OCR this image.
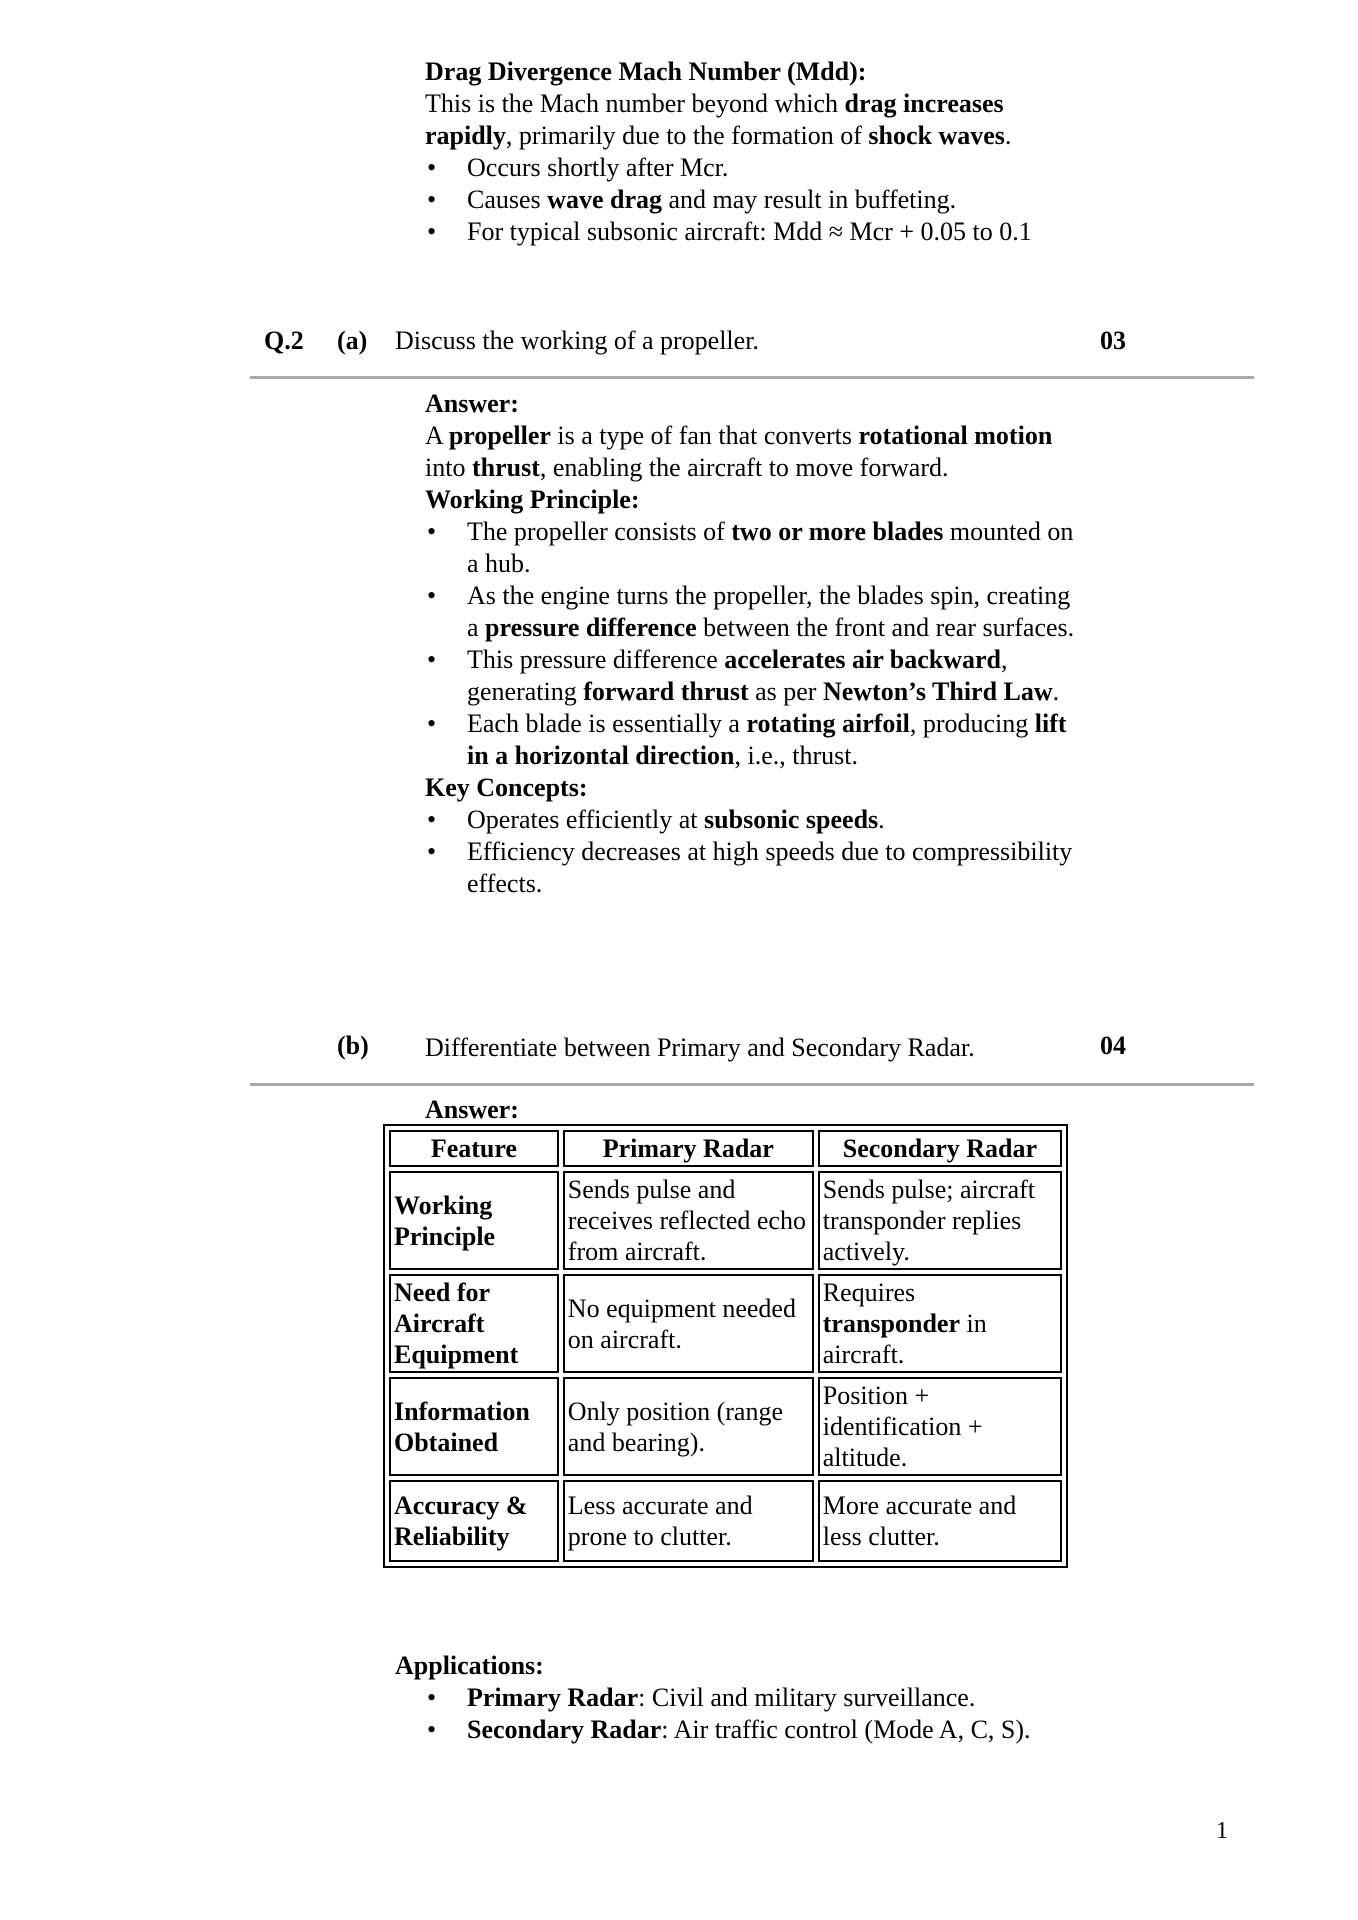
Drag Divergence Mach Number (Mdd):

This is the Mach number beyond which drag increases rapidly, primarily due to the formation of shock waves.

• Occurs shortly after Mcr.
• Causes wave drag and may result in buffeting.
• For typical subsonic aircraft: Mdd ≈ Mcr + 0.05 to 0.1
Q.2 (a) Discuss the working of a propeller.	03

Answer:

A propeller is a type of fan that converts rotational motion into thrust, enabling the aircraft to move forward.

Working Principle:

• The propeller consists of two or more blades mounted on a hub.
• As the engine turns the propeller, the blades spin, creating a pressure difference between the front and rear surfaces.
• This pressure difference accelerates air backward, generating forward thrust as per Newton’s Third Law.
• Each blade is essentially a rotating airfoil, producing lift in a horizontal direction, i.e., thrust.

Key Concepts:

• Operates efficiently at subsonic speeds.
• Efficiency decreases at high speeds due to compressibility effects.
(b) Differentiate between Primary and Secondary Radar.	04
Answer:
Feature	Primary Radar	Secondary Radar
Working Principle	Sends pulse and receives reflected echo from aircraft.	Sends pulse; aircraft transponder replies actively.
Need for Aircraft Equipment	No equipment needed on aircraft.	Requires transponder in aircraft.
Information Obtained	Only position (range and bearing).	Position + identification + altitude.
Accuracy & Reliability	Less accurate and prone to clutter.	More accurate and less clutter.

Applications:

• Primary Radar: Civil and military surveillance.
• Secondary Radar: Air traffic control (Mode A, C, S).
1
